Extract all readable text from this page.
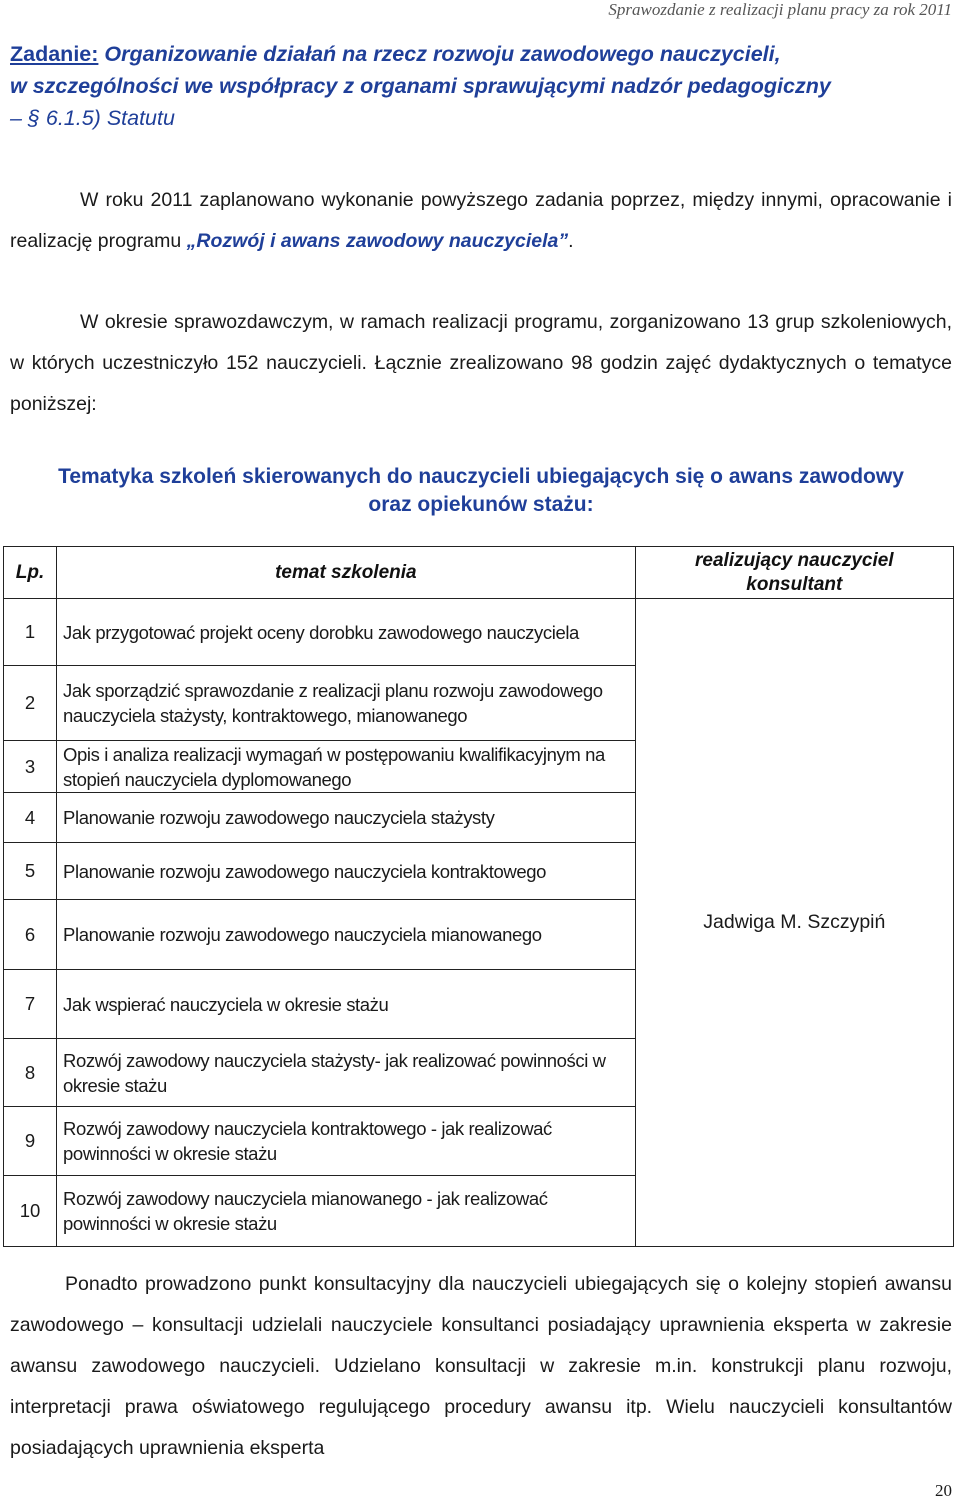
Sprawozdanie z realizacji planu pracy za rok 2011
Zadanie: Organizowanie działań na rzecz rozwoju zawodowego nauczycieli,
w szczególności we współpracy z organami sprawującymi nadzór pedagogiczny
– § 6.1.5) Statutu
W roku 2011 zaplanowano wykonanie powyższego zadania poprzez, między innymi, opracowanie i realizację programu „Rozwój i awans zawodowy nauczyciela”.
W okresie sprawozdawczym, w ramach realizacji programu, zorganizowano 13 grup szkoleniowych, w których uczestniczyło 152 nauczycieli. Łącznie zrealizowano 98 godzin zajęć dydaktycznych o tematyce poniższej:
Tematyka szkoleń skierowanych do nauczycieli ubiegających się o awans zawodowy
oraz opiekunów stażu:
Lp.	temat szkolenia	realizujący nauczyciel
konsultant
1	Jak przygotować projekt oceny dorobku zawodowego nauczyciela	Jadwiga M. Szczypiń
2	Jak sporządzić sprawozdanie z realizacji planu rozwoju zawodowego nauczyciela stażysty, kontraktowego, mianowanego	
3	Opis i analiza realizacji wymagań w postępowaniu kwalifikacyjnym na stopień nauczyciela dyplomowanego	
4	Planowanie rozwoju zawodowego nauczyciela stażysty	
5	Planowanie rozwoju zawodowego nauczyciela kontraktowego	
6	Planowanie rozwoju zawodowego nauczyciela mianowanego	
7	Jak wspierać nauczyciela w okresie stażu	
8	Rozwój zawodowy nauczyciela stażysty- jak realizować powinności w okresie stażu	
9	Rozwój zawodowy nauczyciela kontraktowego - jak realizować powinności w okresie stażu	
10	Rozwój zawodowy nauczyciela mianowanego - jak realizować powinności w okresie stażu	
Ponadto prowadzono punkt konsultacyjny dla nauczycieli ubiegających się o kolejny stopień awansu zawodowego – konsultacji udzielali nauczyciele konsultanci posiadający uprawnienia eksperta w zakresie awansu zawodowego nauczycieli. Udzielano konsultacji w zakresie m.in. konstrukcji planu rozwoju, interpretacji prawa oświatowego regulującego procedury awansu itp. Wielu nauczycieli konsultantów posiadających uprawnienia eksperta
20
